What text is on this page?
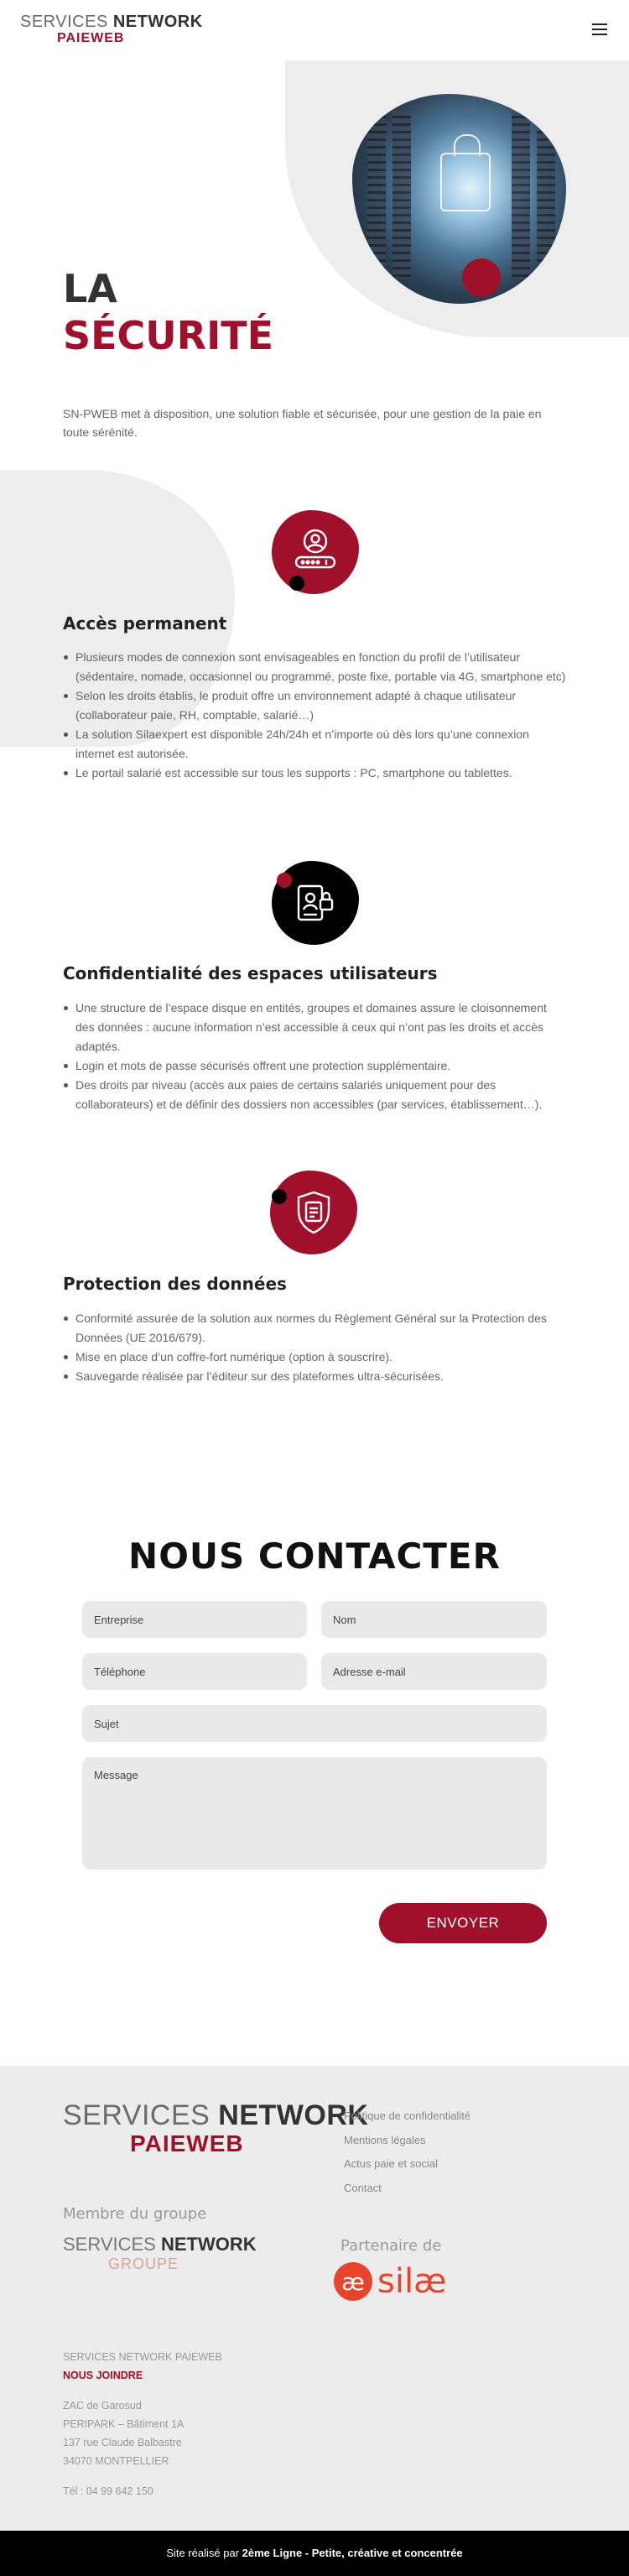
SERVICES NETWORK
PAIEWEB
LA
SÉCURITÉ

SN-PWEB met à disposition, une solution fiable et sécurisée, pour une gestion de la paie en toute sérénité.

Accès permanent
Plusieurs modes de connexion sont envisageables en fonction du profil de l’utilisateur (sédentaire, nomade, occasionnel ou programmé, poste fixe, portable via 4G, smartphone etc)
Selon les droits établis, le produit offre un environnement adapté à chaque utilisateur (collaborateur paie, RH, comptable, salarié…)
La solution Silaexpert est disponible 24h/24h et n’importe où dès lors qu’une connexion internet est autorisée.
Le portail salarié est accessible sur tous les supports : PC, smartphone ou tablettes.
Confidentialité des espaces utilisateurs
Une structure de l’espace disque en entités, groupes et domaines assure le cloisonnement des données : aucune information n’est accessible à ceux qui n’ont pas les droits et accès adaptés.
Login et mots de passe sécurisés offrent une protection supplémentaire.
Des droits par niveau (accès aux paies de certains salariés uniquement pour des collaborateurs) et de définir des dossiers non accessibles (par services, établissement…).
Protection des données
Conformité assurée de la solution aux normes du Règlement Général sur la Protection des Données (UE 2016/679).
Mise en place d’un coffre-fort numérique (option à souscrire).
Sauvegarde réalisée par l’éditeur sur des plateformes ultra-sécurisées.
NOUS CONTACTER
Entreprise
Nom
Téléphone
Adresse e-mail
Sujet
Message
ENVOYER
SERVICES NETWORK
PAIEWEB
Politique de confidentialité
Mentions légales
Actus paie et social
Contact
Membre du groupe
SERVICES NETWORK
GROUPE
Partenaire de
æ silæ
SERVICES NETWORK PAIEWEB
NOUS JOINDRE
ZAC de Garosud
PERIPARK – Bâtiment 1A
137 rue Claude Balbastre
34070 MONTPELLIER
Tél : 04 99 642 150
Site réalisé par 2ème Ligne - Petite, créative et concentrée
